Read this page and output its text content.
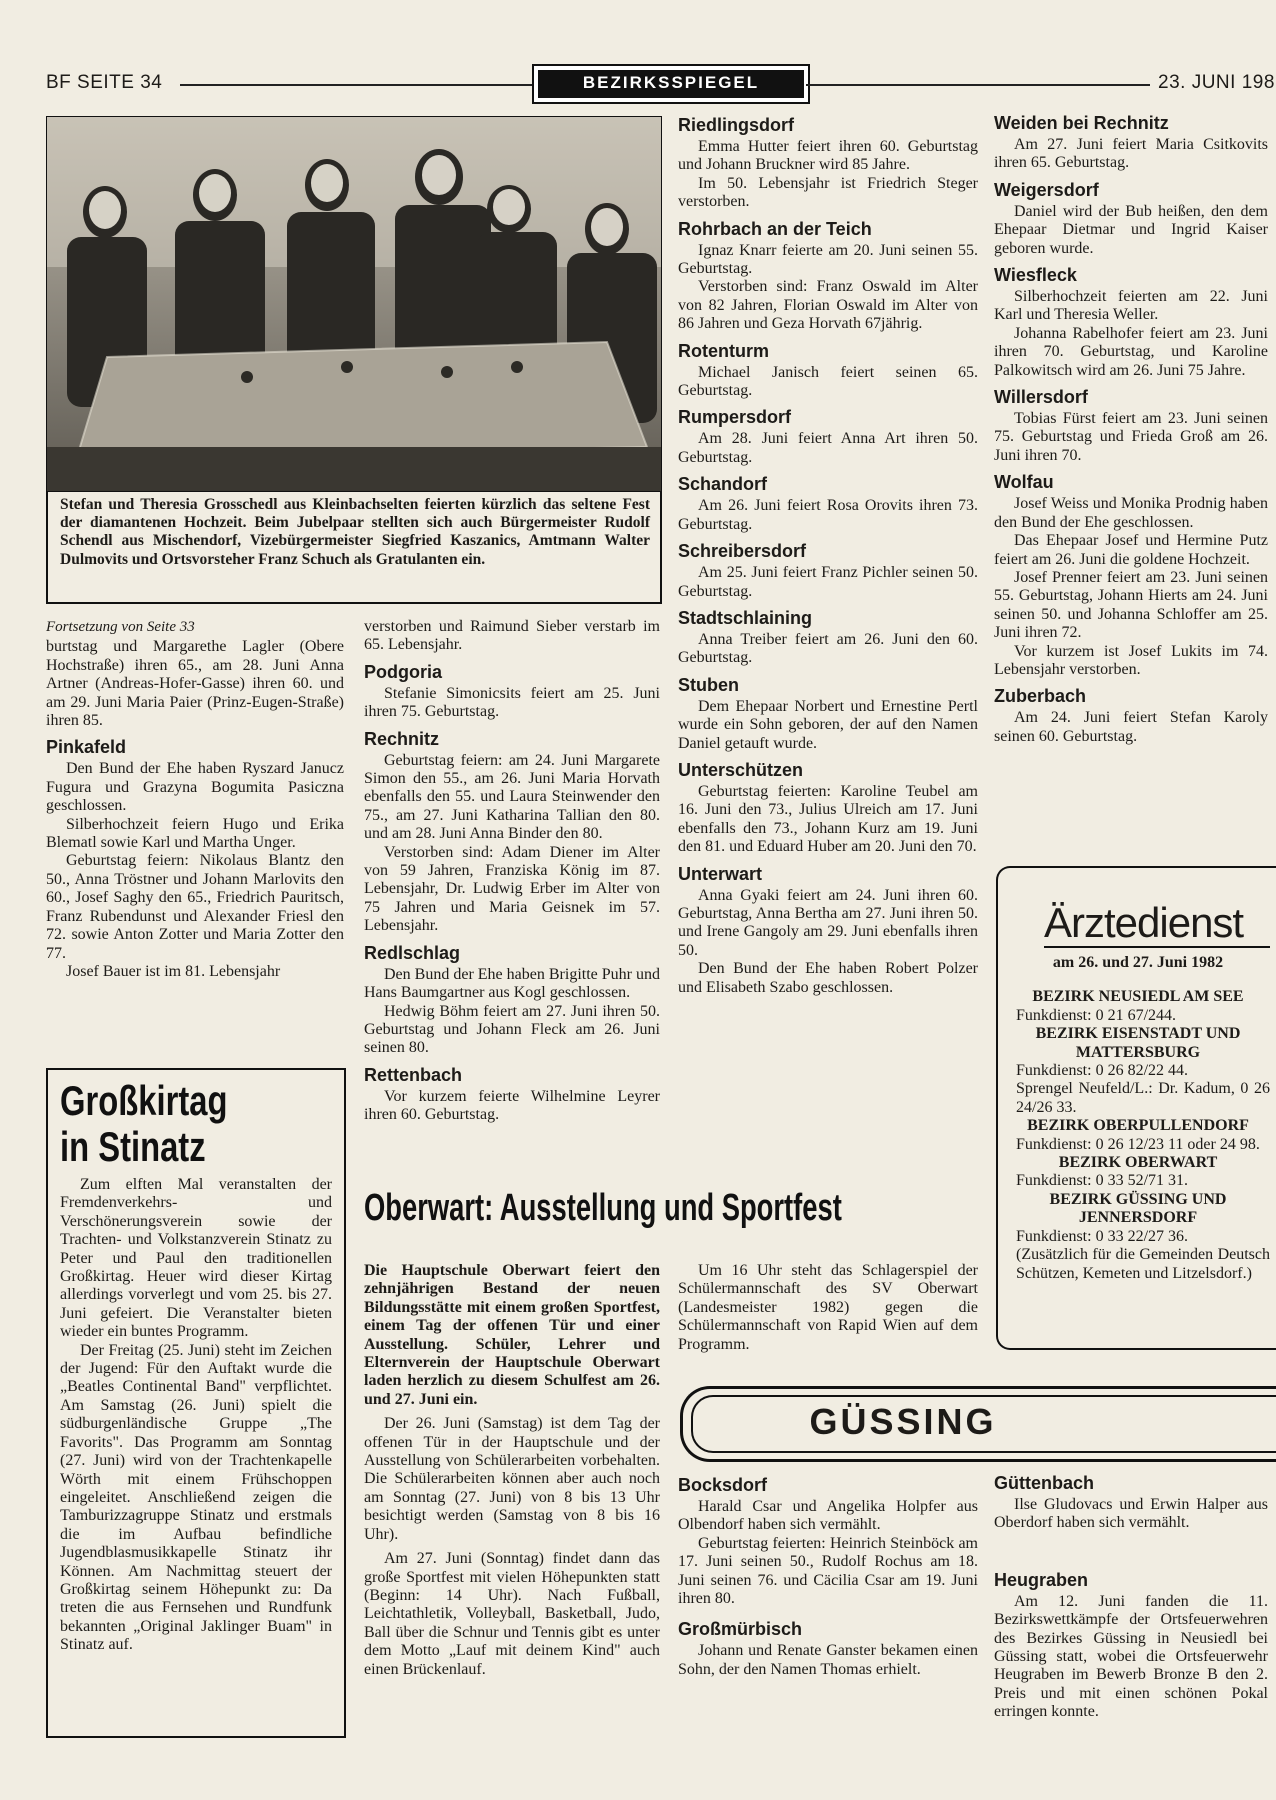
BF SEITE 34	BEZIRKSSPIEGEL	23. JUNI 198
Stefan und Theresia Grosschedl aus Kleinbachselten feierten kürzlich das seltene Fest der diamantenen Hochzeit. Beim Jubelpaar stellten sich auch Bürgermeister Rudolf Schendl aus Mischendorf, Vizebürgermeister Siegfried Kaszanics, Amtmann Walter Dulmovits und Ortsvorsteher Franz Schuch als Gratulanten ein.

Fortsetzung von Seite 33

burtstag und Margarethe Lagler (Obere Hochstraße) ihren 65., am 28. Juni Anna Artner (Andreas-Hofer-Gasse) ihren 60. und am 29. Juni Maria Paier (Prinz-Eugen-Straße) ihren 85.

Pinkafeld

Den Bund der Ehe haben Ryszard Janucz Fugura und Grazyna Bogumita Pasiczna geschlossen.

Silberhochzeit feiern Hugo und Erika Blematl sowie Karl und Martha Unger.

Geburtstag feiern: Nikolaus Blantz den 50., Anna Tröstner und Johann Marlovits den 60., Josef Saghy den 65., Friedrich Pauritsch, Franz Rubendunst und Alexander Friesl den 72. sowie Anton Zotter und Maria Zotter den 77.

Josef Bauer ist im 81. Lebensjahr

Großkirtag
in Stinatz

Zum elften Mal veranstalten der Fremdenverkehrs- und Verschönerungsverein sowie der Trachten- und Volkstanzverein Stinatz zu Peter und Paul den traditionellen Großkirtag. Heuer wird dieser Kirtag allerdings vorverlegt und vom 25. bis 27. Juni gefeiert. Die Veranstalter bieten wieder ein buntes Programm.

Der Freitag (25. Juni) steht im Zeichen der Jugend: Für den Auftakt wurde die „Beatles Continental Band" verpflichtet. Am Samstag (26. Juni) spielt die südburgenländische Gruppe „The Favorits". Das Programm am Sonntag (27. Juni) wird von der Trachtenkapelle Wörth mit einem Frühschoppen eingeleitet. Anschließend zeigen die Tamburizzagruppe Stinatz und erstmals die im Aufbau befindliche Jugendblasmusikkapelle Stinatz ihr Können. Am Nachmittag steuert der Großkirtag seinem Höhepunkt zu: Da treten die aus Fernsehen und Rundfunk bekannten „Original Jaklinger Buam" in Stinatz auf.

verstorben und Raimund Sieber verstarb im 65. Lebensjahr.

Podgoria

Stefanie Simonicsits feiert am 25. Juni ihren 75. Geburtstag.

Rechnitz

Geburtstag feiern: am 24. Juni Margarete Simon den 55., am 26. Juni Maria Horvath ebenfalls den 55. und Laura Steinwender den 75., am 27. Juni Katharina Tallian den 80. und am 28. Juni Anna Binder den 80.

Verstorben sind: Adam Diener im Alter von 59 Jahren, Franziska König im 87. Lebensjahr, Dr. Ludwig Erber im Alter von 75 Jahren und Maria Geisnek im 57. Lebensjahr.

Redlschlag

Den Bund der Ehe haben Brigitte Puhr und Hans Baumgartner aus Kogl geschlossen.

Hedwig Böhm feiert am 27. Juni ihren 50. Geburtstag und Johann Fleck am 26. Juni seinen 80.

Rettenbach

Vor kurzem feierte Wilhelmine Leyrer ihren 60. Geburtstag.

Riedlingsdorf

Emma Hutter feiert ihren 60. Geburtstag und Johann Bruckner wird 85 Jahre.

Im 50. Lebensjahr ist Friedrich Steger verstorben.

Rohrbach an der Teich

Ignaz Knarr feierte am 20. Juni seinen 55. Geburtstag.

Verstorben sind: Franz Oswald im Alter von 82 Jahren, Florian Oswald im Alter von 86 Jahren und Geza Horvath 67jährig.

Rotenturm

Michael Janisch feiert seinen 65. Geburtstag.

Rumpersdorf

Am 28. Juni feiert Anna Art ihren 50. Geburtstag.

Schandorf

Am 26. Juni feiert Rosa Orovits ihren 73. Geburtstag.

Schreibersdorf

Am 25. Juni feiert Franz Pichler seinen 50. Geburtstag.

Stadtschlaining

Anna Treiber feiert am 26. Juni den 60. Geburtstag.

Stuben

Dem Ehepaar Norbert und Ernestine Pertl wurde ein Sohn geboren, der auf den Namen Daniel getauft wurde.

Unterschützen

Geburtstag feierten: Karoline Teubel am 16. Juni den 73., Julius Ulreich am 17. Juni ebenfalls den 73., Johann Kurz am 19. Juni den 81. und Eduard Huber am 20. Juni den 70.

Unterwart

Anna Gyaki feiert am 24. Juni ihren 60. Geburtstag, Anna Bertha am 27. Juni ihren 50. und Irene Gangoly am 29. Juni ebenfalls ihren 50.

Den Bund der Ehe haben Robert Polzer und Elisabeth Szabo geschlossen.

Weiden bei Rechnitz

Am 27. Juni feiert Maria Csitkovits ihren 65. Geburtstag.

Weigersdorf

Daniel wird der Bub heißen, den dem Ehepaar Dietmar und Ingrid Kaiser geboren wurde.

Wiesfleck

Silberhochzeit feierten am 22. Juni Karl und Theresia Weller.

Johanna Rabelhofer feiert am 23. Juni ihren 70. Geburtstag, und Karoline Palkowitsch wird am 26. Juni 75 Jahre.

Willersdorf

Tobias Fürst feiert am 23. Juni seinen 75. Geburtstag und Frieda Groß am 26. Juni ihren 70.

Wolfau

Josef Weiss und Monika Prodnig haben den Bund der Ehe geschlossen.

Das Ehepaar Josef und Hermine Putz feiert am 26. Juni die goldene Hochzeit.

Josef Prenner feiert am 23. Juni seinen 55. Geburtstag, Johann Hierts am 24. Juni seinen 50. und Johanna Schloffer am 25. Juni ihren 72.

Vor kurzem ist Josef Lukits im 74. Lebensjahr verstorben.

Zuberbach

Am 24. Juni feiert Stefan Karoly seinen 60. Geburtstag.

Ärztedienst

am 26. und 27. Juni 1982

BEZIRK NEUSIEDL AM SEE

Funkdienst: 0 21 67/244.

BEZIRK EISENSTADT UND MATTERSBURG

Funkdienst: 0 26 82/22 44.

Sprengel Neufeld/L.: Dr. Kadum, 0 26 24/26 33.

BEZIRK OBERPULLENDORF

Funkdienst: 0 26 12/23 11 oder 24 98.

BEZIRK OBERWART

Funkdienst: 0 33 52/71 31.

BEZIRK GÜSSING UND JENNERSDORF

Funkdienst: 0 33 22/27 36.

(Zusätzlich für die Gemeinden Deutsch Schützen, Kemeten und Litzelsdorf.)

Oberwart: Ausstellung und Sportfest

Die Hauptschule Oberwart feiert den zehnjährigen Bestand der neuen Bildungsstätte mit einem großen Sportfest, einem Tag der offenen Tür und einer Ausstellung. Schüler, Lehrer und Elternverein der Hauptschule Oberwart laden herzlich zu diesem Schulfest am 26. und 27. Juni ein.

Der 26. Juni (Samstag) ist dem Tag der offenen Tür in der Hauptschule und der Ausstellung von Schülerarbeiten vorbehalten. Die Schülerarbeiten können aber auch noch am Sonntag (27. Juni) von 8 bis 13 Uhr besichtigt werden (Samstag von 8 bis 16 Uhr).

Am 27. Juni (Sonntag) findet dann das große Sportfest mit vielen Höhepunkten statt (Beginn: 14 Uhr). Nach Fußball, Leichtathletik, Volleyball, Basketball, Judo, Ball über die Schnur und Tennis gibt es unter dem Motto „Lauf mit deinem Kind" auch einen Brückenlauf.

Um 16 Uhr steht das Schlagerspiel der Schülermannschaft des SV Oberwart (Landesmeister 1982) gegen die Schülermannschaft von Rapid Wien auf dem Programm.

GÜSSING
Bocksdorf

Harald Csar und Angelika Holpfer aus Olbendorf haben sich vermählt.

Geburtstag feierten: Heinrich Steinböck am 17. Juni seinen 50., Rudolf Rochus am 18. Juni seinen 76. und Cäcilia Csar am 19. Juni ihren 80.

Großmürbisch

Johann und Renate Ganster bekamen einen Sohn, der den Namen Thomas erhielt.

Güttenbach

Ilse Gludovacs und Erwin Halper aus Oberdorf haben sich vermählt.

Heugraben

Am 12. Juni fanden die 11. Bezirkswettkämpfe der Ortsfeuerwehren des Bezirkes Güssing in Neusiedl bei Güssing statt, wobei die Ortsfeuerwehr Heugraben im Bewerb Bronze B den 2. Preis und mit einen schönen Pokal erringen konnte.
